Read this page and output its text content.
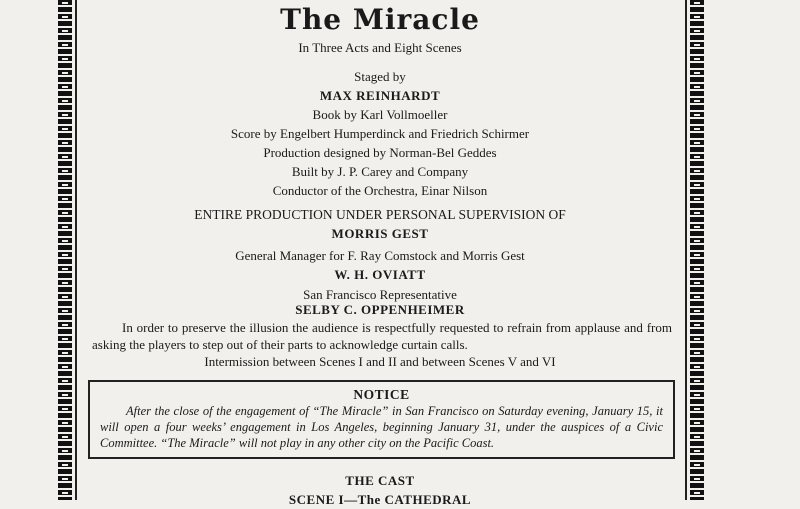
The Miracle
In Three Acts and Eight Scenes
Staged by
MAX REINHARDT
Book by Karl Vollmoeller
Score by Engelbert Humperdinck and Friedrich Schirmer
Production designed by Norman-Bel Geddes
Built by J. P. Carey and Company
Conductor of the Orchestra, Einar Nilson
ENTIRE PRODUCTION UNDER PERSONAL SUPERVISION OF
MORRIS GEST
General Manager for F. Ray Comstock and Morris Gest
W. H. OVIATT
San Francisco Representative
SELBY C. OPPENHEIMER
In order to preserve the illusion the audience is respectfully requested to refrain from applause and from asking the players to step out of their parts to acknowledge curtain calls.
Intermission between Scenes I and II and between Scenes V and VI
NOTICE
After the close of the engagement of “The Miracle” in San Francisco on Saturday evening, January 15, it will open a four weeks’ engagement in Los Angeles, beginning January 31, under the auspices of a Civic Committee. “The Miracle” will not play in any other city on the Pacific Coast.
THE CAST
SCENE I—The CATHEDRAL
